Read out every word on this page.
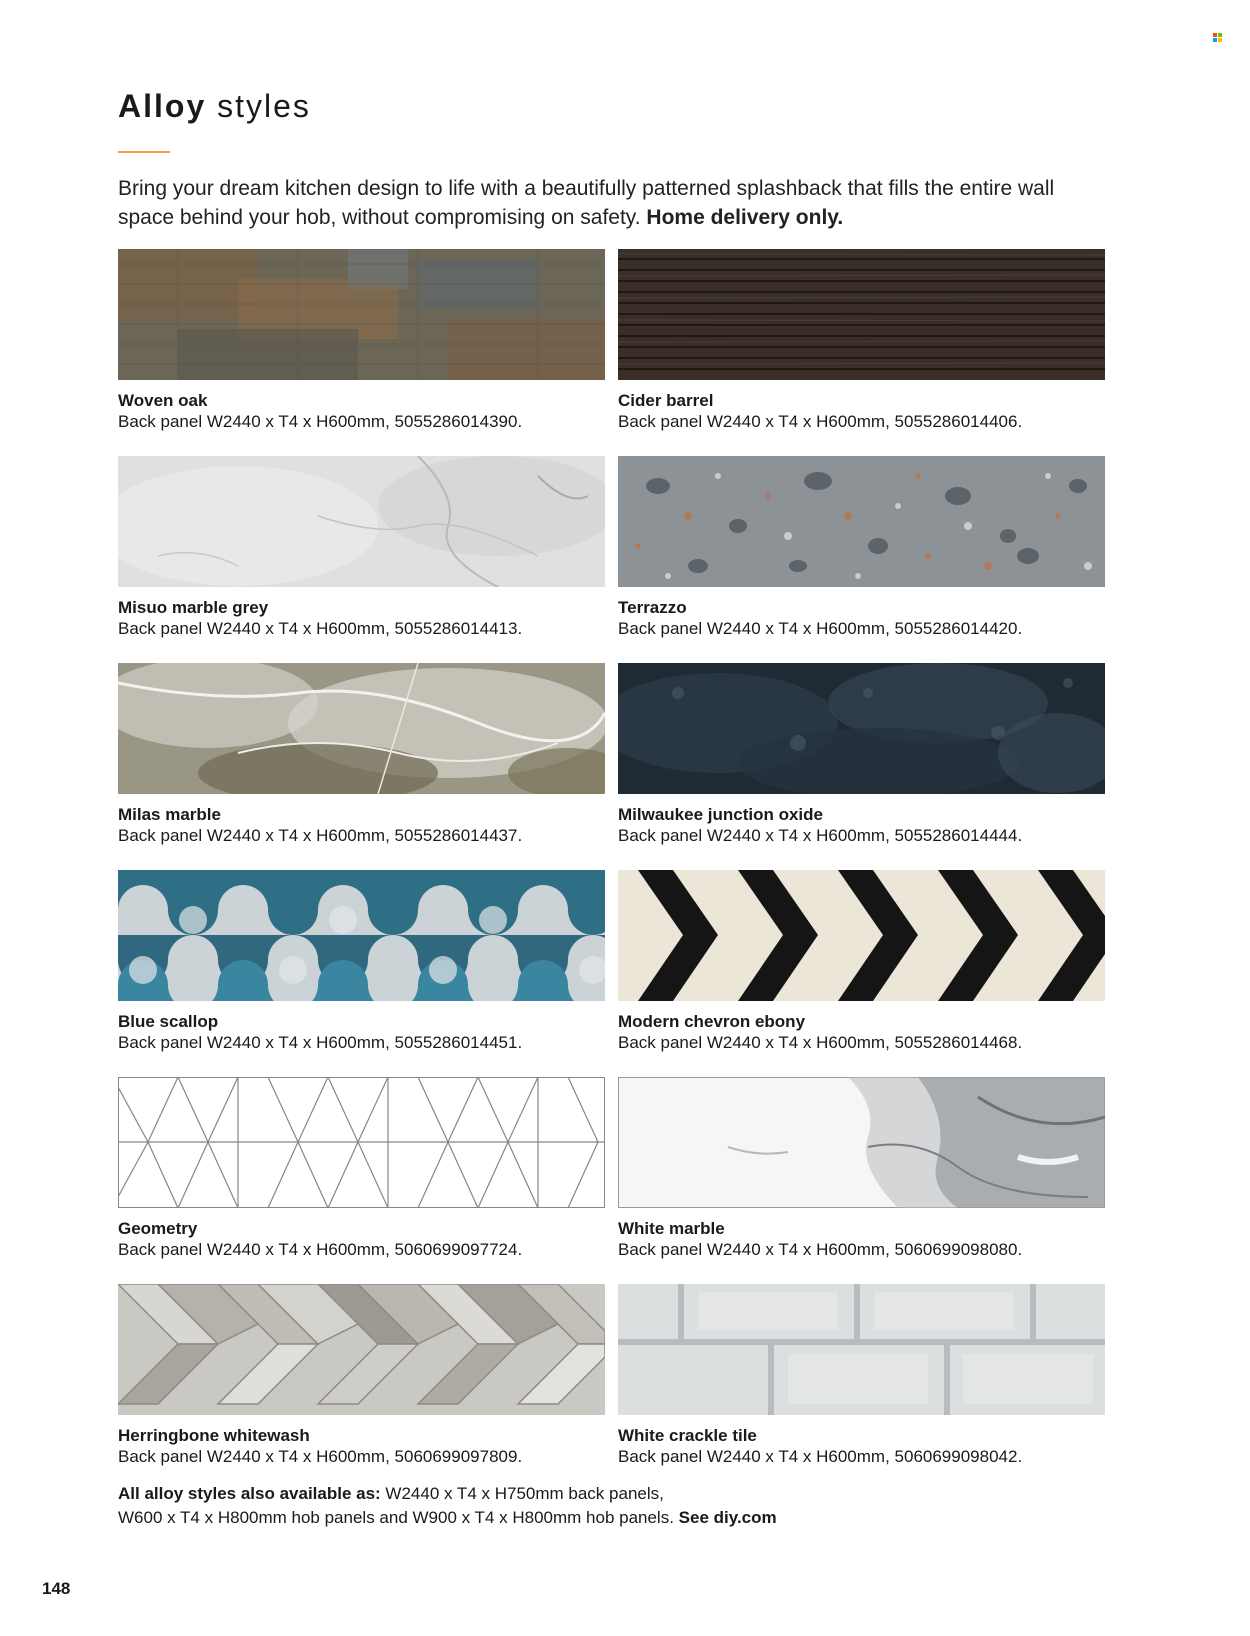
Alloy styles

Bring your dream kitchen design to life with a beautifully patterned splashback that fills the entire wall space behind your hob, without compromising on safety. Home delivery only.

Woven oak
Back panel W2440 x T4 x H600mm, 5055286014390.
Cider barrel
Back panel W2440 x T4 x H600mm, 5055286014406.
Misuo marble grey
Back panel W2440 x T4 x H600mm, 5055286014413.
Terrazzo
Back panel W2440 x T4 x H600mm, 5055286014420.
Milas marble
Back panel W2440 x T4 x H600mm, 5055286014437.
Milwaukee junction oxide
Back panel W2440 x T4 x H600mm, 5055286014444.
Blue scallop
Back panel W2440 x T4 x H600mm, 5055286014451.
Modern chevron ebony
Back panel W2440 x T4 x H600mm, 5055286014468.
Geometry
Back panel W2440 x T4 x H600mm, 5060699097724.
White marble
Back panel W2440 x T4 x H600mm, 5060699098080.
Herringbone whitewash
Back panel W2440 x T4 x H600mm, 5060699097809.
White crackle tile
Back panel W2440 x T4 x H600mm, 5060699098042.

All alloy styles also available as: W2440 x T4 x H750mm back panels,
W600 x T4 x H800mm hob panels and W900 x T4 x H800mm hob panels. See diy.com

148
